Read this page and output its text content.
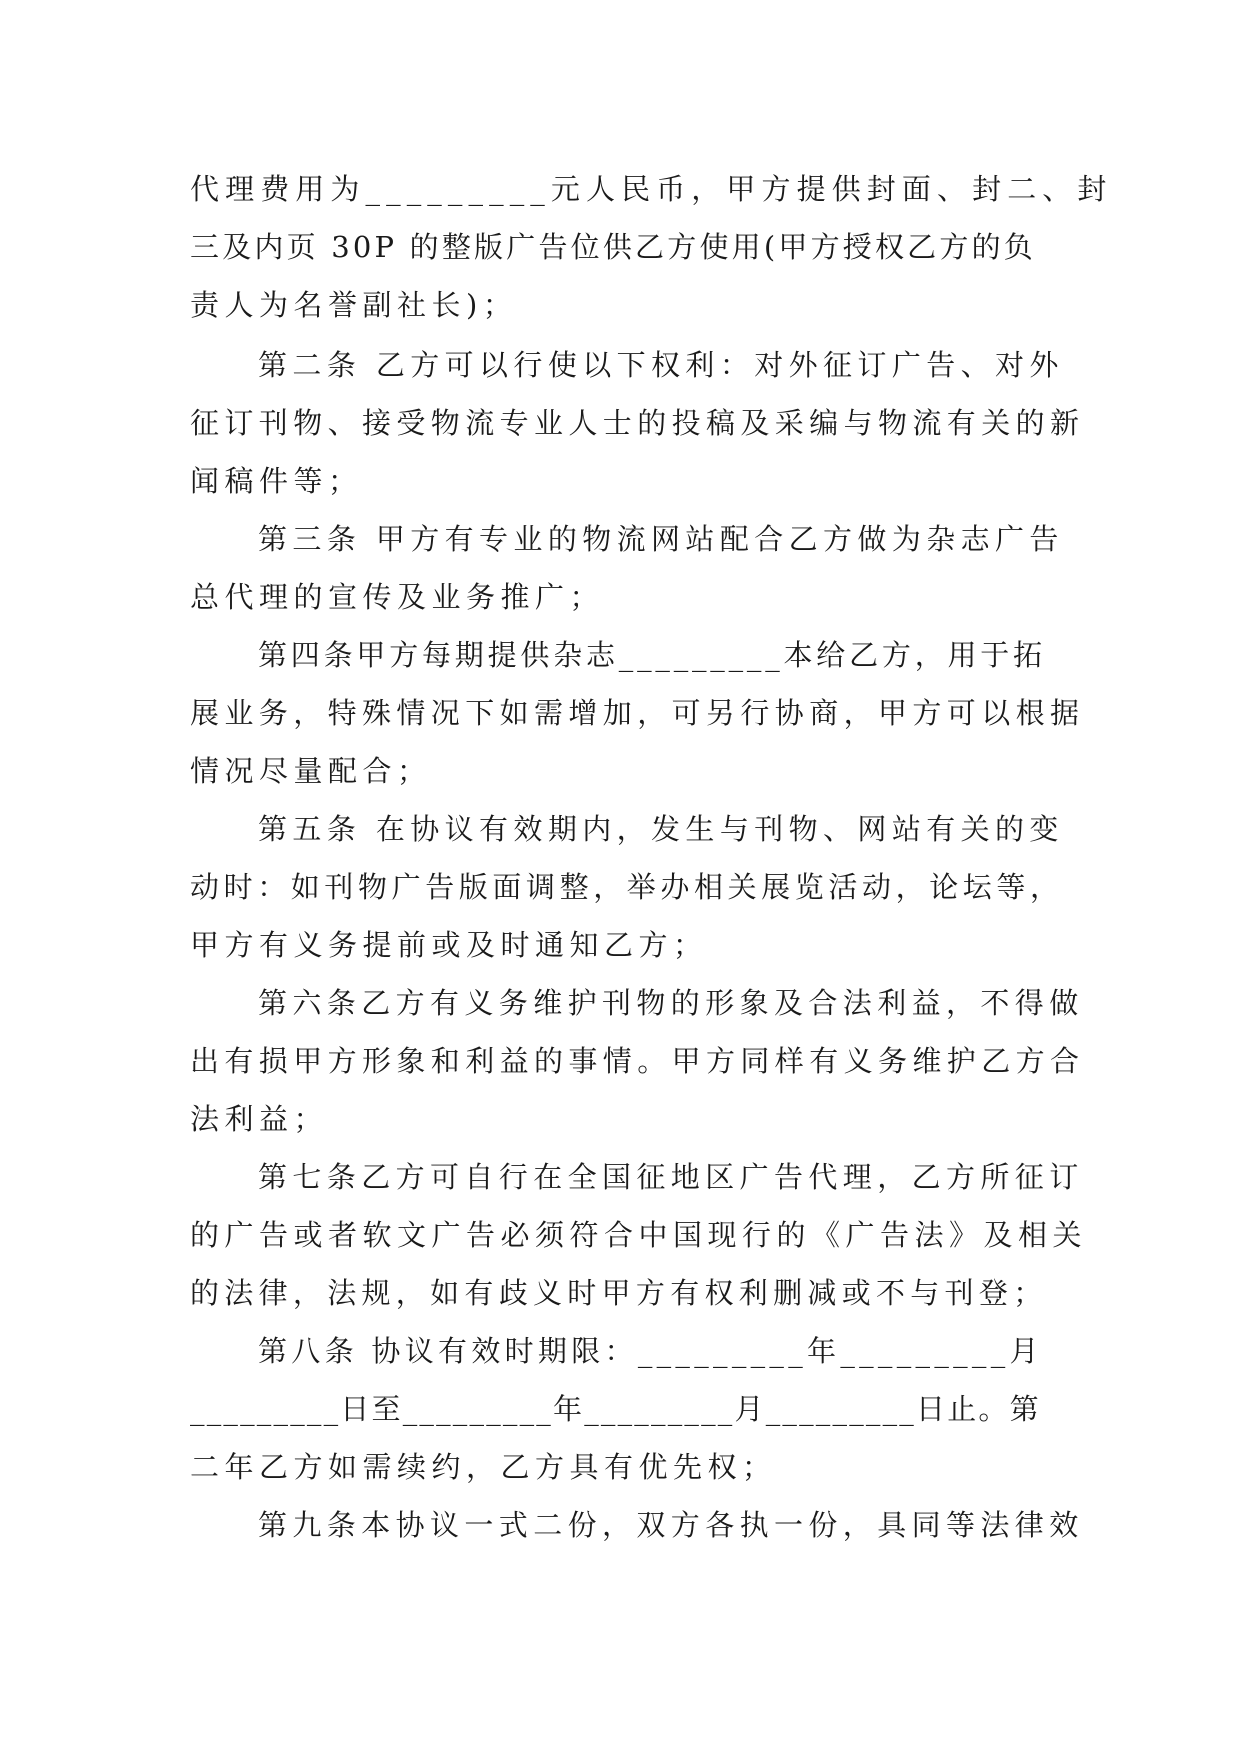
代理费用为_________元人民币，甲方提供封面、封二、封

三及内页 30P 的整版广告位供乙方使用(甲方授权乙方的负

责人为名誉副社长)；

第二条 乙方可以行使以下权利：对外征订广告、对外

征订刊物、接受物流专业人士的投稿及采编与物流有关的新

闻稿件等；

第三条 甲方有专业的物流网站配合乙方做为杂志广告

总代理的宣传及业务推广；

第四条甲方每期提供杂志_________本给乙方，用于拓

展业务，特殊情况下如需增加，可另行协商，甲方可以根据

情况尽量配合；

第五条 在协议有效期内，发生与刊物、网站有关的变

动时：如刊物广告版面调整，举办相关展览活动，论坛等，

甲方有义务提前或及时通知乙方；

第六条乙方有义务维护刊物的形象及合法利益，不得做

出有损甲方形象和利益的事情。甲方同样有义务维护乙方合

法利益；

第七条乙方可自行在全国征地区广告代理，乙方所征订

的广告或者软文广告必须符合中国现行的《广告法》及相关

的法律，法规，如有歧义时甲方有权利删减或不与刊登；

第八条 协议有效时期限：_________年_________月

_________日至_________年_________月_________日止。第

二年乙方如需续约，乙方具有优先权；

第九条本协议一式二份，双方各执一份，具同等法律效
